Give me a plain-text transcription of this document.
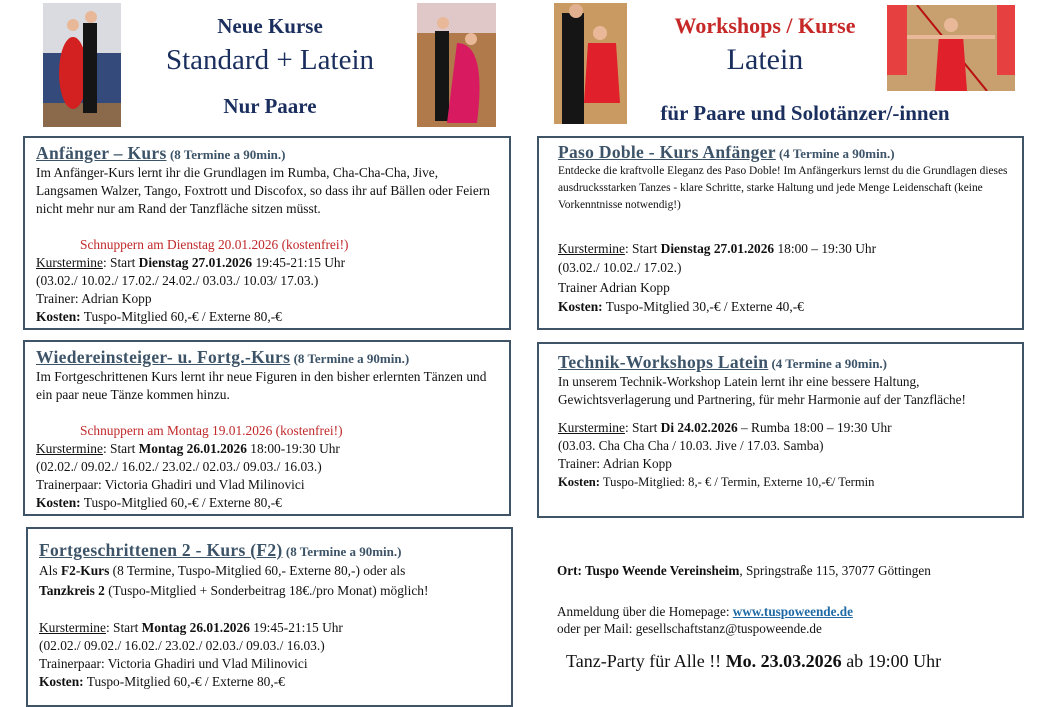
Neue Kurse
Standard + Latein
Nur Paare
Workshops / Kurse
Latein
für Paare und Solotänzer/-innen
Anfänger – Kurs (8 Termine a 90min.)
Im Anfänger-Kurs lernt ihr die Grundlagen im Rumba, Cha-Cha-Cha, Jive, Langsamen Walzer, Tango, Foxtrott und Discofox, so dass ihr auf Bällen oder Feiern nicht mehr nur am Rand der Tanzfläche sitzen müsst.
Schnuppern am Dienstag 20.01.2026 (kostenfrei!)
Kurstermine: Start Dienstag 27.01.2026 19:45-21:15 Uhr
(03.02./ 10.02./ 17.02./ 24.02./ 03.03./ 10.03/ 17.03.)
Trainer: Adrian Kopp
Kosten: Tuspo-Mitglied 60,-€ / Externe 80,-€
Wiedereinsteiger- u. Fortg.-Kurs (8 Termine a 90min.)
Im Fortgeschrittenen Kurs lernt ihr neue Figuren in den bisher erlernten Tänzen und ein paar neue Tänze kommen hinzu.
Schnuppern am Montag 19.01.2026 (kostenfrei!)
Kurstermine: Start Montag 26.01.2026 18:00-19:30 Uhr
(02.02./ 09.02./ 16.02./ 23.02./ 02.03./ 09.03./ 16.03.)
Trainerpaar: Victoria Ghadiri und Vlad Milinovici
Kosten: Tuspo-Mitglied 60,-€ / Externe 80,-€
Fortgeschrittenen 2 - Kurs (F2) (8 Termine a 90min.)
Als F2-Kurs (8 Termine, Tuspo-Mitglied 60,- Externe 80,-) oder als
Tanzkreis 2 (Tuspo-Mitglied + Sonderbeitrag 18€./pro Monat) möglich!
Kurstermine: Start Montag 26.01.2026 19:45-21:15 Uhr
(02.02./ 09.02./ 16.02./ 23.02./ 02.03./ 09.03./ 16.03.)
Trainerpaar: Victoria Ghadiri und Vlad Milinovici
Kosten: Tuspo-Mitglied 60,-€ / Externe 80,-€
Paso Doble - Kurs Anfänger (4 Termine a 90min.)
Entdecke die kraftvolle Eleganz des Paso Doble! Im Anfängerkurs lernst du die Grundlagen dieses ausdrucksstarken Tanzes - klare Schritte, starke Haltung und jede Menge Leidenschaft (keine Vorkenntnisse notwendig!)
Kurstermine: Start Dienstag 27.01.2026 18:00 – 19:30 Uhr
(03.02./ 10.02./ 17.02.)
Trainer Adrian Kopp
Kosten: Tuspo-Mitglied 30,-€ / Externe 40,-€
Technik-Workshops Latein (4 Termine a 90min.)
In unserem Technik-Workshop Latein lernt ihr eine bessere Haltung, Gewichtsverlagerung und Partnering, für mehr Harmonie auf der Tanzfläche!
Kurstermine: Start Di 24.02.2026 – Rumba 18:00 – 19:30 Uhr
(03.03. Cha Cha Cha / 10.03. Jive / 17.03. Samba)
Trainer: Adrian Kopp
Kosten: Tuspo-Mitglied: 8,- € / Termin, Externe 10,-€/ Termin
Ort: Tuspo Weende Vereinsheim, Springstraße 115, 37077 Göttingen
Anmeldung über die Homepage: www.tuspoweende.de
oder per Mail: gesellschaftstanz@tuspoweende.de
Tanz-Party für Alle !! Mo. 23.03.2026 ab 19:00 Uhr
